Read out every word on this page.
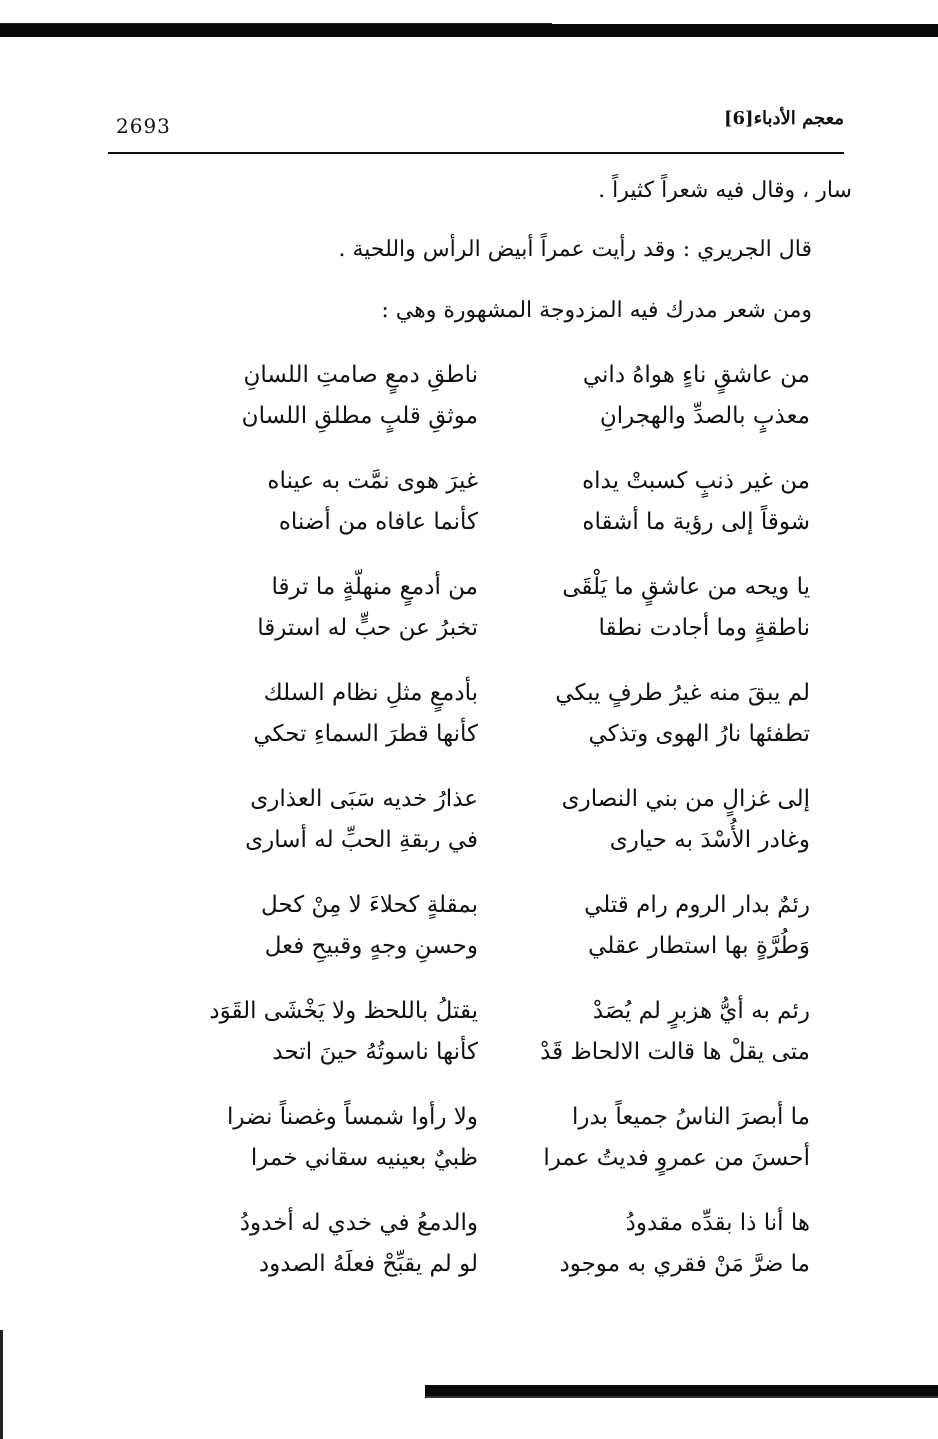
2693	معجم الأدباء[6]
سار ، وقال فيه شعراً كثيراً .
قال الجريري : وقد رأيت عمراً أبيض الرأس واللحية .
ومن شعر مدرك فيه المزدوجة المشهورة وهي :
من عاشقٍ ناءٍ هواهُ داني
ناطقِ دمعٍ صامتِ اللسانِ
معذبٍ بالصدِّ والهجرانِ
موثقِ قلبٍ مطلقِ اللسان
من غير ذنبٍ كسبتْ يداه
غيرَ هوى نمَّت به عيناه
شوقاً إلى رؤية ما أشقاه
كأنما عافاه من أضناه
يا ويحه من عاشقٍ ما يَلْقَى
من أدمعٍ منهلّةٍ ما ترقا
ناطقةٍ وما أجادت نطقا
تخبرُ عن حبٍّ له استرقا
لم يبقَ منه غيرُ طرفٍ يبكي
بأدمعٍ مثلِ نظام السلك
تطفئها نارُ الهوى وتذكي
كأنها قطرَ السماءِ تحكي
إلى غزالٍ من بني النصارى
عذارُ خديه سَبَى العذارى
وغادر الأُسْدَ به حيارى
في ربقةِ الحبِّ له أسارى
رئمٌ بدار الروم رام قتلي
بمقلةٍ كحلاءَ لا مِنْ كحل
وَطُرَّةٍ بها استطار عقلي
وحسنِ وجهٍ وقبيحِ فعل
رئم به أيُّ هزبرٍ لم يُصَدْ
يقتلُ باللحظ ولا يَخْشَى القَوَد
متى يقلْ ها قالت الالحاظ قَدْ
كأنها ناسوتُهُ حينَ اتحد
ما أبصرَ الناسُ جميعاً بدرا
ولا رأوا شمساً وغصناً نضرا
أحسنَ من عمروٍ فديتُ عمرا
ظبيٌ بعينيه سقاني خمرا
ها أنا ذا بقدِّه مقدودُ
والدمعُ في خدي له أخدودُ
ما ضرَّ مَنْ فقري به موجود
لو لم يقبِّحْ فعلَهُ الصدود
